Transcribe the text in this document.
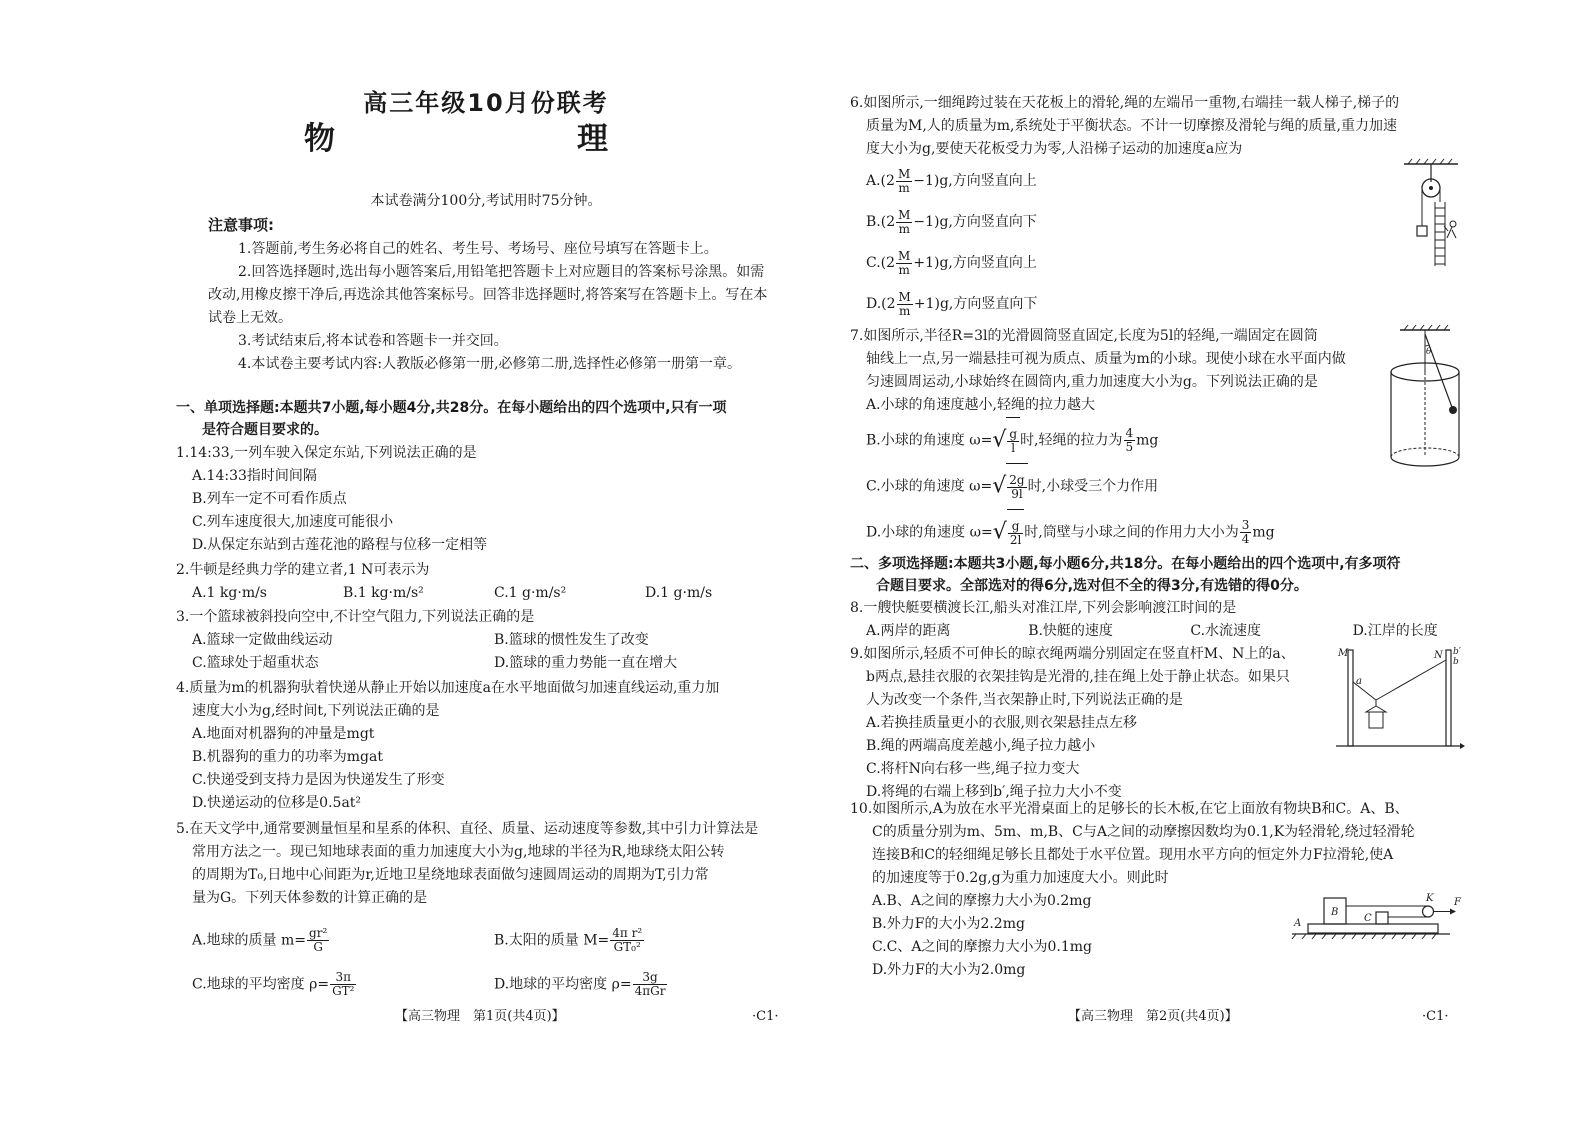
高三年级10月份联考
物　　理
本试卷满分100分,考试用时75分钟。
注意事项:
1.答题前,考生务必将自己的姓名、考生号、考场号、座位号填写在答题卡上。
2.回答选择题时,选出每小题答案后,用铅笔把答题卡上对应题目的答案标号涂黑。如需改动,用橡皮擦干净后,再选涂其他答案标号。回答非选择题时,将答案写在答题卡上。写在本试卷上无效。
3.考试结束后,将本试卷和答题卡一并交回。
4.本试卷主要考试内容:人教版必修第一册,必修第二册,选择性必修第一册第一章。
一、单项选择题:本题共7小题,每小题4分,共28分。在每小题给出的四个选项中,只有一项
是符合题目要求的。
1.14:33,一列车驶入保定东站,下列说法正确的是
A.14:33指时间间隔
B.列车一定不可看作质点
C.列车速度很大,加速度可能很小
D.从保定东站到古莲花池的路程与位移一定相等
2.牛顿是经典力学的建立者,1 N可表示为
A.1 kg·m/s	B.1 kg·m/s²	C.1 g·m/s²	D.1 g·m/s
3.一个篮球被斜投向空中,不计空气阻力,下列说法正确的是
A.篮球一定做曲线运动	B.篮球的惯性发生了改变
C.篮球处于超重状态	D.篮球的重力势能一直在增大
4.质量为m的机器狗驮着快递从静止开始以加速度a在水平地面做匀加速直线运动,重力加
速度大小为g,经时间t,下列说法正确的是
A.地面对机器狗的冲量是mgt
B.机器狗的重力的功率为mgat
C.快递受到支持力是因为快递发生了形变
D.快递运动的位移是0.5at²
5.在天文学中,通常要测量恒星和星系的体积、直径、质量、运动速度等参数,其中引力计算法是
常用方法之一。现已知地球表面的重力加速度大小为g,地球的半径为R,地球绕太阳公转
的周期为T₀,日地中心间距为r,近地卫星绕地球表面做匀速圆周运动的周期为T,引力常
量为G。下列天体参数的计算正确的是
A.地球的质量 $m= \frac{\text{gr²}}{G}$	B.太阳的质量 $M= \frac{\text{4π r²}}{\text{GT₀²}}$
C.地球的平均密度 $\rho= \frac{3\pi}{\text{GT²}}$	D.地球的平均密度 $\rho= \frac{3g}{\text{4πGr}}$
【高三物理　第1页(共4页)】	·C1·
6.如图所示,一细绳跨过装在天花板上的滑轮,绳的左端吊一重物,右端挂一载人梯子,梯子的
质量为M,人的质量为m,系统处于平衡状态。不计一切摩擦及滑轮与绳的质量,重力加速
度大小为g,要使天花板受力为零,人沿梯子运动的加速度a应为
$A.(2 \frac{M}{m} -1)g$,方向竖直向上
$B.(2 \frac{M}{m} -1)g$,方向竖直向下
$C.(2 \frac{M}{m} +1)g$,方向竖直向上
$D.(2 \frac{M}{m} +1)g$,方向竖直向下
7.如图所示,半径R=3l的光滑圆筒竖直固定,长度为5l的轻绳,一端固定在圆筒
轴线上一点,另一端悬挂可视为质点、质量为m的小球。现使小球在水平面内做
匀速圆周运动,小球始终在圆筒内,重力加速度大小为g。下列说法正确的是
A.小球的角速度越小,轻绳的拉力越大
B.小球的角速度 $\omega=√ \frac{g}{l}$ 时,轻绳的拉力为 $\frac{4}{5}$ mg
C.小球的角速度 $\omega=√ \frac{2g}{9l}$ 时,小球受三个力作用
D.小球的角速度 $\omega=√ \frac{g}{2l}$ 时,筒壁与小球之间的作用力大小为 $\frac{3}{4}$ mg
θ
二、多项选择题:本题共3小题,每小题6分,共18分。在每小题给出的四个选项中,有多项符
合题目要求。全部选对的得6分,选对但不全的得3分,有选错的得0分。
8.一艘快艇要横渡长江,船头对准江岸,下列会影响渡江时间的是
A.两岸的距离	B.快艇的速度	C.水流速度	D.江岸的长度
9.如图所示,轻质不可伸长的晾衣绳两端分别固定在竖直杆M、N上的a、
b两点,悬挂衣服的衣架挂钩是光滑的,挂在绳上处于静止状态。如果只
人为改变一个条件,当衣架静止时,下列说法正确的是
A.若换挂质量更小的衣服,则衣架悬挂点左移
B.绳的两端高度差越小,绳子拉力越小
C.将杆N向右移一些,绳子拉力变大
D.将绳的右端上移到b′,绳子拉力大小不变
M
a
N b′
b
10.如图所示,A为放在水平光滑桌面上的足够长的长木板,在它上面放有物块B和C。A、B、
C的质量分别为m、5m、m,B、C与A之间的动摩擦因数均为0.1,K为轻滑轮,绕过轻滑轮
连接B和C的轻细绳足够长且都处于水平位置。现用水平方向的恒定外力F拉滑轮,使A
的加速度等于0.2g,g为重力加速度大小。则此时
A.B、A之间的摩擦力大小为0.2mg
B.外力F的大小为2.2mg
C.C、A之间的摩擦力大小为0.1mg
D.外力F的大小为2.0mg
A
B
C
K F
【高三物理　第2页(共4页)】	·C1·
